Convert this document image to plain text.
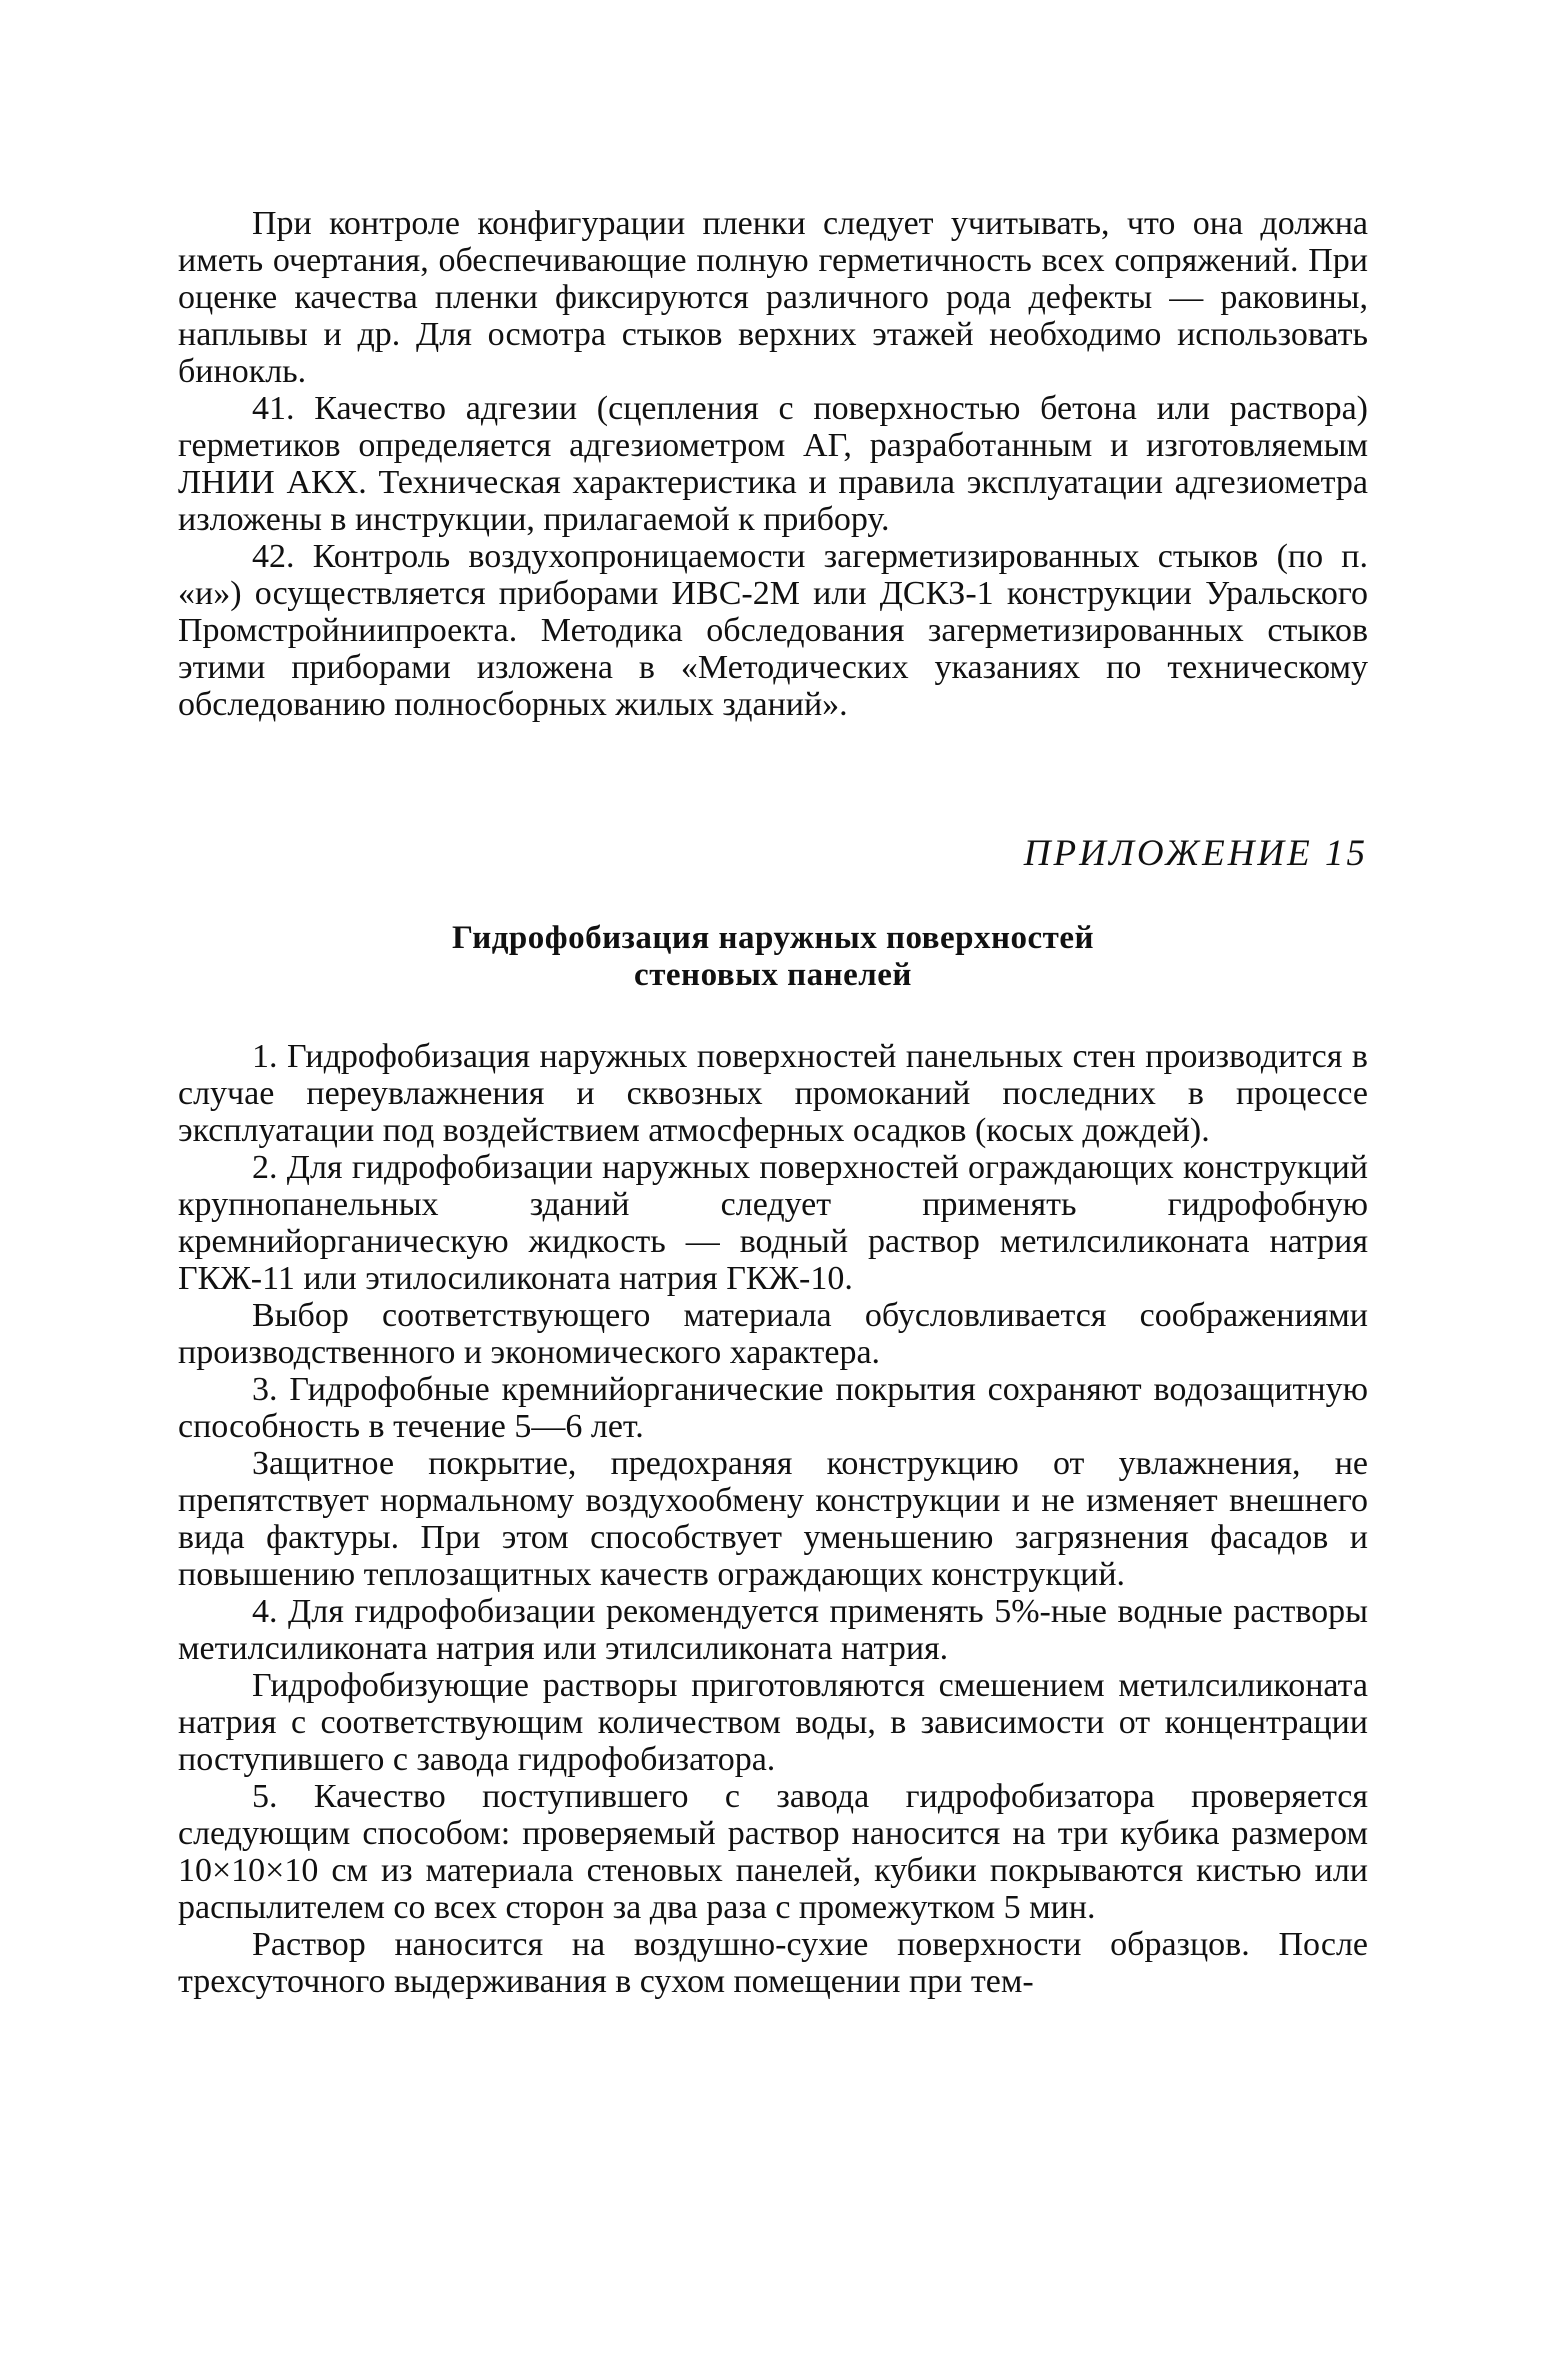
При контроле конфигурации пленки следует учитывать, что она должна иметь очертания, обеспечивающие полную герметичность всех сопряжений. При оценке качества пленки фиксируются различного рода дефекты — раковины, наплывы и др. Для осмотра стыков верхних этажей необходимо использовать бинокль.

41. Качество адгезии (сцепления с поверхностью бетона или раствора) герметиков определяется адгезиометром АГ, разработанным и изготовляемым ЛНИИ АКХ. Техническая характеристика и правила эксплуатации адгезиометра изложены в инструкции, прилагаемой к прибору.

42. Контроль воздухопроницаемости загерметизированных стыков (по п. «и») осуществляется приборами ИВС-2М или ДСКЗ-1 конструкции Уральского Промстройниипроекта. Методика обследования загерметизированных стыков этими приборами изложена в «Методических указаниях по техническому обследованию полносборных жилых зданий».

ПРИЛОЖЕНИЕ 15
Гидрофобизация наружных поверхностей
стеновых панелей

1. Гидрофобизация наружных поверхностей панельных стен производится в случае переувлажнения и сквозных промоканий последних в процессе эксплуатации под воздействием атмосферных осадков (косых дождей).

2. Для гидрофобизации наружных поверхностей ограждающих конструкций крупнопанельных зданий следует применять гидрофобную кремнийорганическую жидкость — водный раствор метилсиликоната натрия ГКЖ-11 или этилосиликоната натрия ГКЖ-10.

Выбор соответствующего материала обусловливается соображениями производственного и экономического характера.

3. Гидрофобные кремнийорганические покрытия сохраняют водозащитную способность в течение 5—6 лет.

Защитное покрытие, предохраняя конструкцию от увлажнения, не препятствует нормальному воздухообмену конструкции и не изменяет внешнего вида фактуры. При этом способствует уменьшению загрязнения фасадов и повышению теплозащитных качеств ограждающих конструкций.

4. Для гидрофобизации рекомендуется применять 5%-ные водные растворы метилсиликоната натрия или этилсиликоната натрия.

Гидрофобизующие растворы приготовляются смешением метилсиликоната натрия с соответствующим количеством воды, в зависимости от концентрации поступившего с завода гидрофобизатора.

5. Качество поступившего с завода гидрофобизатора проверяется следующим способом: проверяемый раствор наносится на три кубика размером 10×10×10 см из материала стеновых панелей, кубики покрываются кистью или распылителем со всех сторон за два раза с промежутком 5 мин.

Раствор наносится на воздушно-сухие поверхности образцов. После трехсуточного выдерживания в сухом помещении при тем-
